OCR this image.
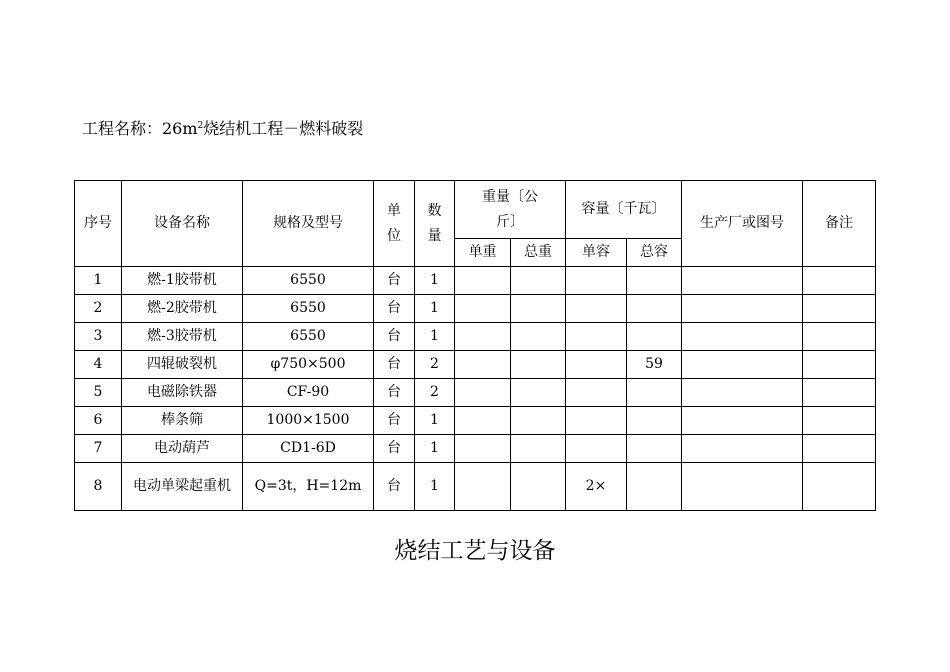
工程名称：$26m^2$烧结机工程－燃料破裂
序号	设备名称	规格及型号	单位	数量	重量〔公斤〕		容量〔千瓦〕		生产厂或图号	备注
					单重	总重	单容	总容		
1	燃-1胶带机	6550	台	1						
2	燃-2胶带机	6550	台	1						
3	燃-3胶带机	6550	台	1						
4	四辊破裂机	φ750×500	台	2				59		
5	电磁除铁器	CF-90	台	2						
6	棒条筛	1000×1500	台	1						
7	电动葫芦	CD1-6D	台	1						
8	电动单梁起重机	Q=3t，H=12m	台	1			2×			
烧结工艺与设备
